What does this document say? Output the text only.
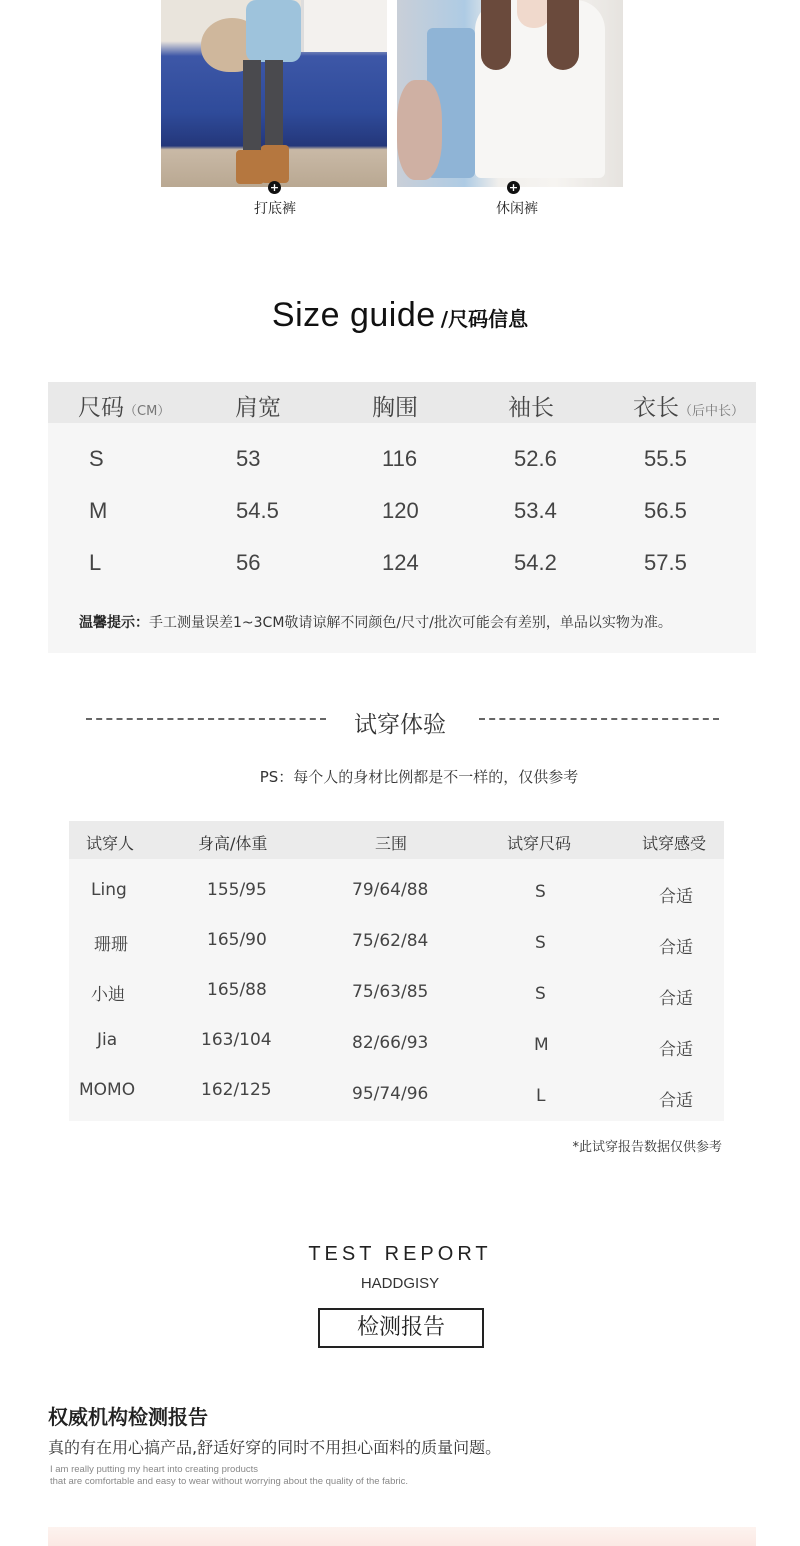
+	+
打底裤	休闲裤
Size guide /尺码信息
尺码（CM）	肩宽	胸围	袖长	衣长（后中长）
S	53	116	52.6	55.5
M	54.5	120	53.4	56.5
L	56	124	54.2	57.5
温馨提示：手工测量误差1~3CM敬请谅解不同颜色/尺寸/批次可能会有差别，单品以实物为准。
试穿体验
PS：每个人的身材比例都是不一样的，仅供参考
试穿人	身高/体重	三围	试穿尺码	试穿感受
Ling	155/95	79/64/88	S	合适
珊珊	165/90	75/62/84	S	合适
小迪	165/88	75/63/85	S	合适
Jia	163/104	82/66/93	M	合适
MOMO	162/125	95/74/96	L	合适
*此试穿报告数据仅供参考
TEST REPORT
HADDGISY
检测报告
权威机构检测报告
真的有在用心搞产品,舒适好穿的同时不用担心面料的质量问题。
I am really putting my heart into creating products
that are comfortable and easy to wear without worrying about the quality of the fabric.
